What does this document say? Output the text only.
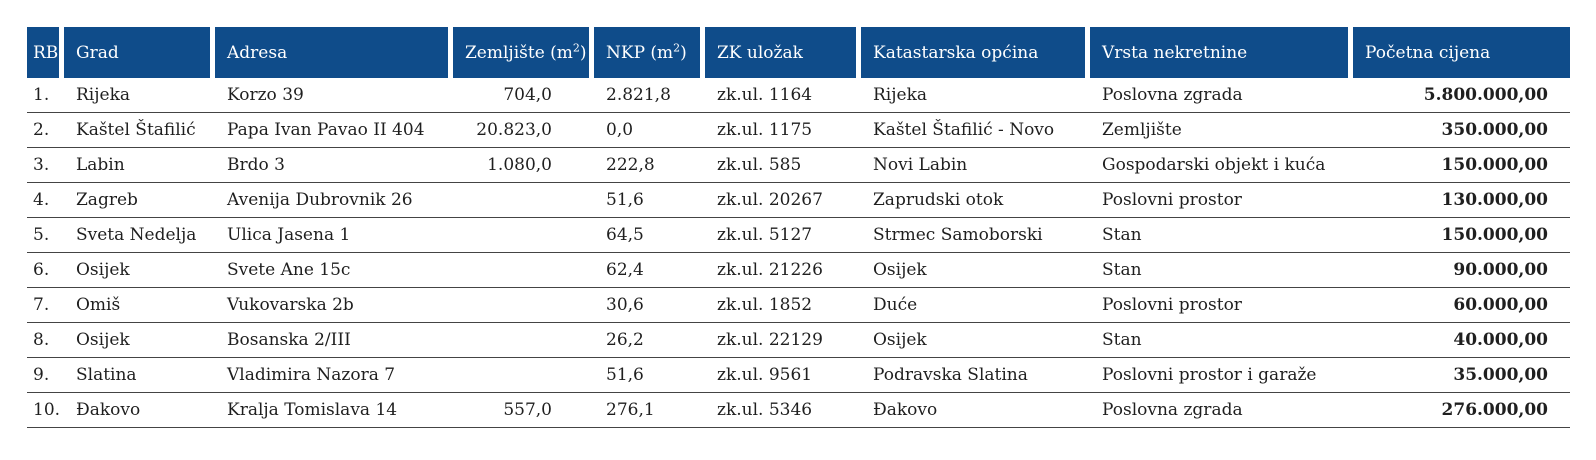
RB	Grad	Adresa	Zemljište $(m^2)$	NKP $(m^2)$	ZK uložak	Katastarska općina	Vrsta nekretnine	Početna cijena
1.	Rijeka	Korzo 39	704,0	2.821,8	zk.ul. 1164	Rijeka	Poslovna zgrada	5.800.000,00
2.	Kaštel Štafilić	Papa Ivan Pavao II 404	20.823,0	0,0	zk.ul. 1175	Kaštel Štafilić - Novo	Zemljište	350.000,00
3.	Labin	Brdo 3	1.080,0	222,8	zk.ul. 585	Novi Labin	Gospodarski objekt i kuća	150.000,00
4.	Zagreb	Avenija Dubrovnik 26		51,6	zk.ul. 20267	Zaprudski otok	Poslovni prostor	130.000,00
5.	Sveta Nedelja	Ulica Jasena 1		64,5	zk.ul. 5127	Strmec Samoborski	Stan	150.000,00
6.	Osijek	Svete Ane 15c		62,4	zk.ul. 21226	Osijek	Stan	90.000,00
7.	Omiš	Vukovarska 2b		30,6	zk.ul. 1852	Duće	Poslovni prostor	60.000,00
8.	Osijek	Bosanska 2/III		26,2	zk.ul. 22129	Osijek	Stan	40.000,00
9.	Slatina	Vladimira Nazora 7		51,6	zk.ul. 9561	Podravska Slatina	Poslovni prostor i garaže	35.000,00
10.	Đakovo	Kralja Tomislava 14	557,0	276,1	zk.ul. 5346	Đakovo	Poslovna zgrada	276.000,00
